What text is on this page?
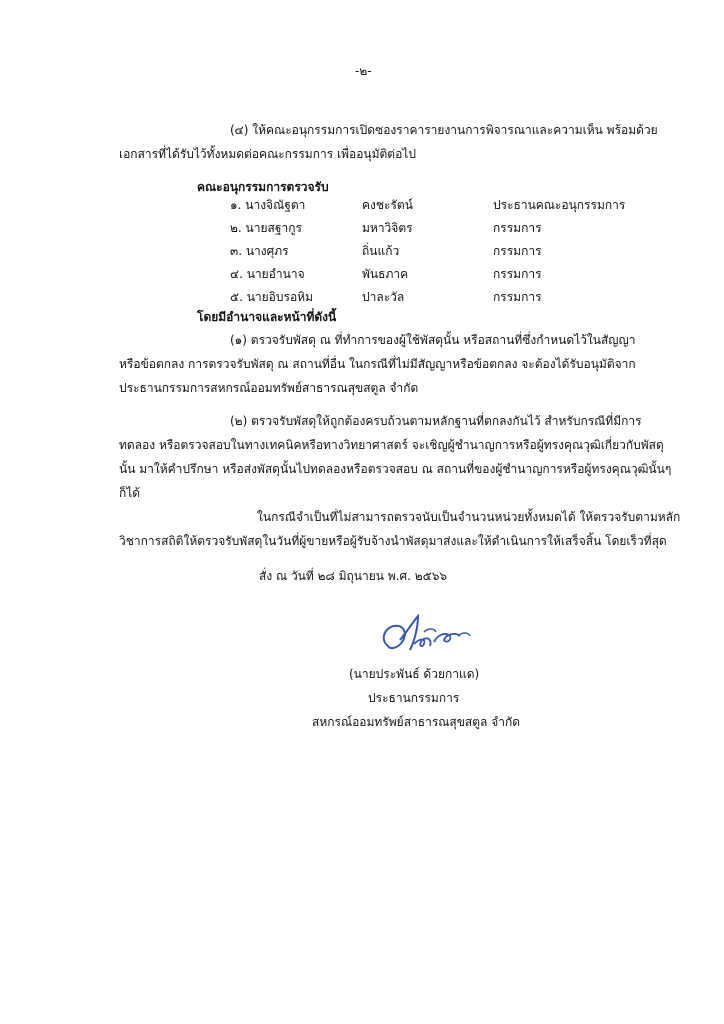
-๒-
(๔) ให้คณะอนุกรรมการเปิดซองราคารายงานการพิจารณาและความเห็น พร้อมด้วย
เอกสารที่ได้รับไว้ทั้งหมดต่อคณะกรรมการ เพื่ออนุมัติต่อไป
คณะอนุกรรมการตรวจรับ
๑. นางจิณัฐตา	คงชะรัตน์	ประธานคณะอนุกรรมการ
๒. นายสฐากูร	มหาวิจิตร	กรรมการ
๓. นางศุภร	ถิ่นแก้ว	กรรมการ
๔. นายอำนาจ	พันธภาค	กรรมการ
๕. นายอิบรอหิม	ปาละวัล	กรรมการ
โดยมีอำนาจและหน้าที่ดังนี้
(๑) ตรวจรับพัสดุ ณ ที่ทำการของผู้ใช้พัสดุนั้น หรือสถานที่ซึ่งกำหนดไว้ในสัญญา
หรือข้อตกลง การตรวจรับพัสดุ ณ สถานที่อื่น ในกรณีที่ไม่มีสัญญาหรือข้อตกลง จะต้องได้รับอนุมัติจาก
ประธานกรรมการสหกรณ์ออมทรัพย์สาธารณสุขสตูล จำกัด
(๒) ตรวจรับพัสดุให้ถูกต้องครบถ้วนตามหลักฐานที่ตกลงกันไว้ สำหรับกรณีที่มีการ
ทดลอง หรือตรวจสอบในทางเทคนิคหรือทางวิทยาศาสตร์ จะเชิญผู้ชำนาญการหรือผู้ทรงคุณวุฒิเกี่ยวกับพัสดุ
นั้น มาให้คำปรึกษา หรือส่งพัสดุนั้นไปทดลองหรือตรวจสอบ ณ สถานที่ของผู้ชำนาญการหรือผู้ทรงคุณวุฒินั้นๆ
ก็ได้
ในกรณีจำเป็นที่ไม่สามารถตรวจนับเป็นจำนวนหน่วยทั้งหมดได้ ให้ตรวจรับตามหลัก
วิชาการสถิติให้ตรวจรับพัสดุในวันที่ผู้ขายหรือผู้รับจ้างนำพัสดุมาส่งและให้ดำเนินการให้เสร็จสิ้น โดยเร็วที่สุด
สั่ง ณ วันที่ ๒๘ มิถุนายน พ.ศ. ๒๕๖๖
(นายประพันธ์ ด้วยกาแด)
ประธานกรรมการ
สหกรณ์ออมทรัพย์สาธารณสุขสตูล จำกัด
